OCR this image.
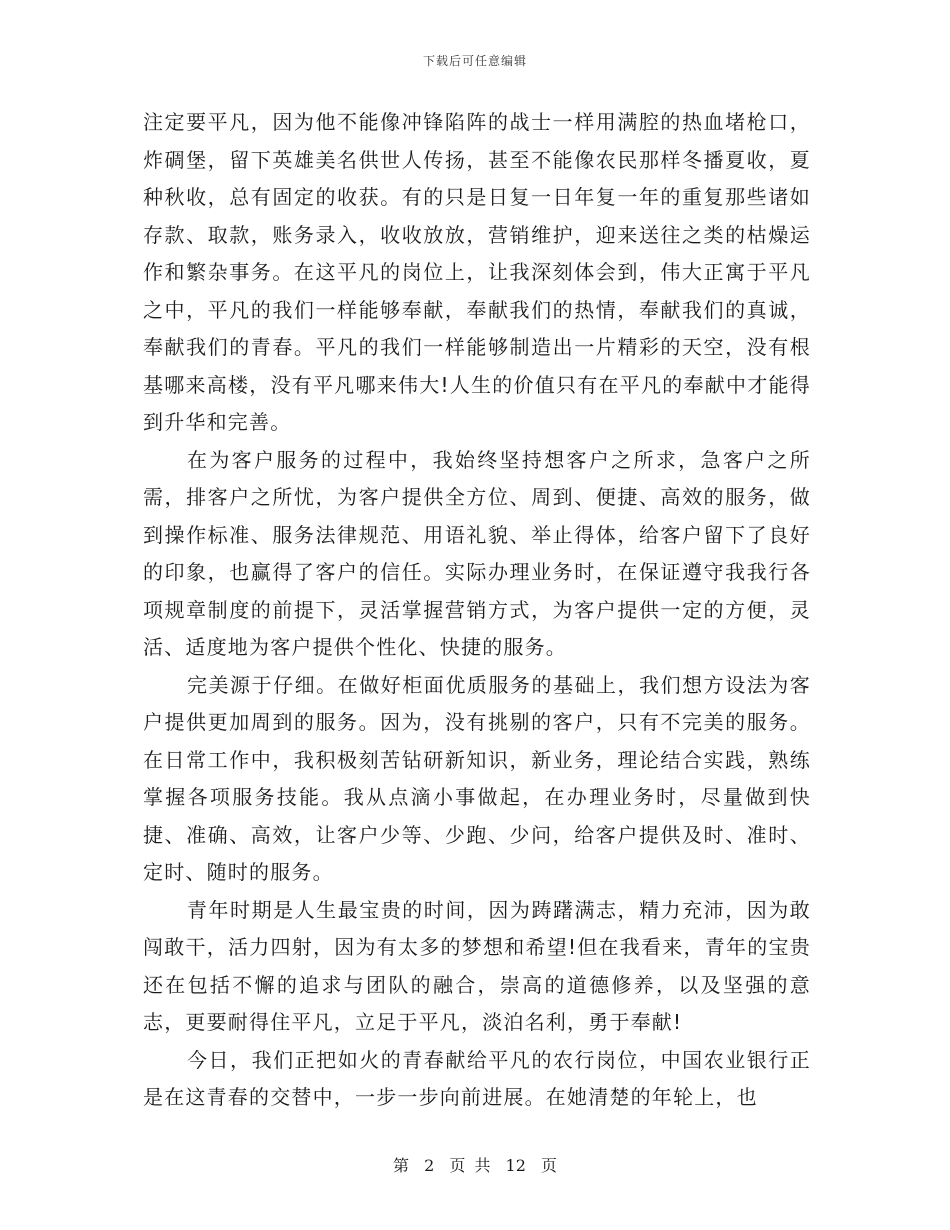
下载后可任意编辑

注定要平凡，因为他不能像冲锋陷阵的战士一样用满腔的热血堵枪口，炸碉堡，留下英雄美名供世人传扬，甚至不能像农民那样冬播夏收，夏种秋收，总有固定的收获。有的只是日复一日年复一年的重复那些诸如存款、取款，账务录入，收收放放，营销维护，迎来送往之类的枯燥运作和繁杂事务。在这平凡的岗位上，让我深刻体会到，伟大正寓于平凡之中，平凡的我们一样能够奉献，奉献我们的热情，奉献我们的真诚，奉献我们的青春。平凡的我们一样能够制造出一片精彩的天空，没有根基哪来高楼，没有平凡哪来伟大!人生的价值只有在平凡的奉献中才能得到升华和完善。

在为客户服务的过程中，我始终坚持想客户之所求，急客户之所需，排客户之所忧，为客户提供全方位、周到、便捷、高效的服务，做到操作标准、服务法律规范、用语礼貌、举止得体，给客户留下了良好的印象，也赢得了客户的信任。实际办理业务时，在保证遵守我我行各项规章制度的前提下，灵活掌握营销方式，为客户提供一定的方便，灵活、适度地为客户提供个性化、快捷的服务。

完美源于仔细。在做好柜面优质服务的基础上，我们想方设法为客户提供更加周到的服务。因为，没有挑剔的客户，只有不完美的服务。在日常工作中，我积极刻苦钻研新知识，新业务，理论结合实践，熟练掌握各项服务技能。我从点滴小事做起，在办理业务时，尽量做到快捷、准确、高效，让客户少等、少跑、少问，给客户提供及时、准时、定时、随时的服务。

青年时期是人生最宝贵的时间，因为踌躇满志，精力充沛，因为敢闯敢干，活力四射，因为有太多的梦想和希望!但在我看来，青年的宝贵还在包括不懈的追求与团队的融合，崇高的道德修养，以及坚强的意志，更要耐得住平凡，立足于平凡，淡泊名利，勇于奉献!

今日，我们正把如火的青春献给平凡的农行岗位，中国农业银行正是在这青春的交替中，一步一步向前进展。在她清楚的年轮上，也

第 2 页 共 12 页
